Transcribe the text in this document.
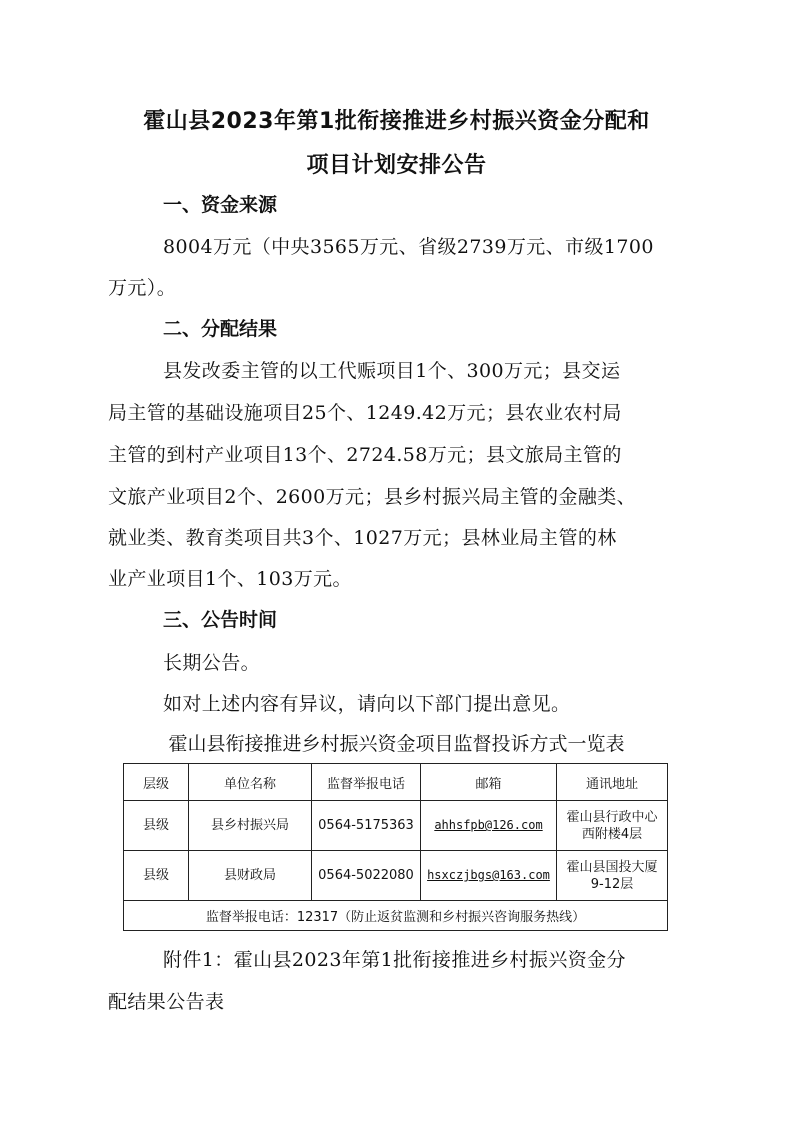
霍山县2023年第1批衔接推进乡村振兴资金分配和
项目计划安排公告
一、资金来源
8004万元（中央3565万元、省级2739万元、市级1700
万元）。
二、分配结果
县发改委主管的以工代赈项目1个、300万元；县交运
局主管的基础设施项目25个、1249.42万元；县农业农村局
主管的到村产业项目13个、2724.58万元；县文旅局主管的
文旅产业项目2个、2600万元；县乡村振兴局主管的金融类、
就业类、教育类项目共3个、1027万元；县林业局主管的林
业产业项目1个、103万元。
三、公告时间
长期公告。
如对上述内容有异议，请向以下部门提出意见。
霍山县衔接推进乡村振兴资金项目监督投诉方式一览表
层级	单位名称	监督举报电话	邮箱	通讯地址
县级	县乡村振兴局	0564-5175363	ahhsfpb@126.com	霍山县行政中心
西附楼4层

县级	县财政局	0564-5022080	hsxczjbgs@163.com	霍山县国投大厦
9-12层

监督举报电话：12317（防止返贫监测和乡村振兴咨询服务热线）				
附件1：霍山县2023年第1批衔接推进乡村振兴资金分
配结果公告表
